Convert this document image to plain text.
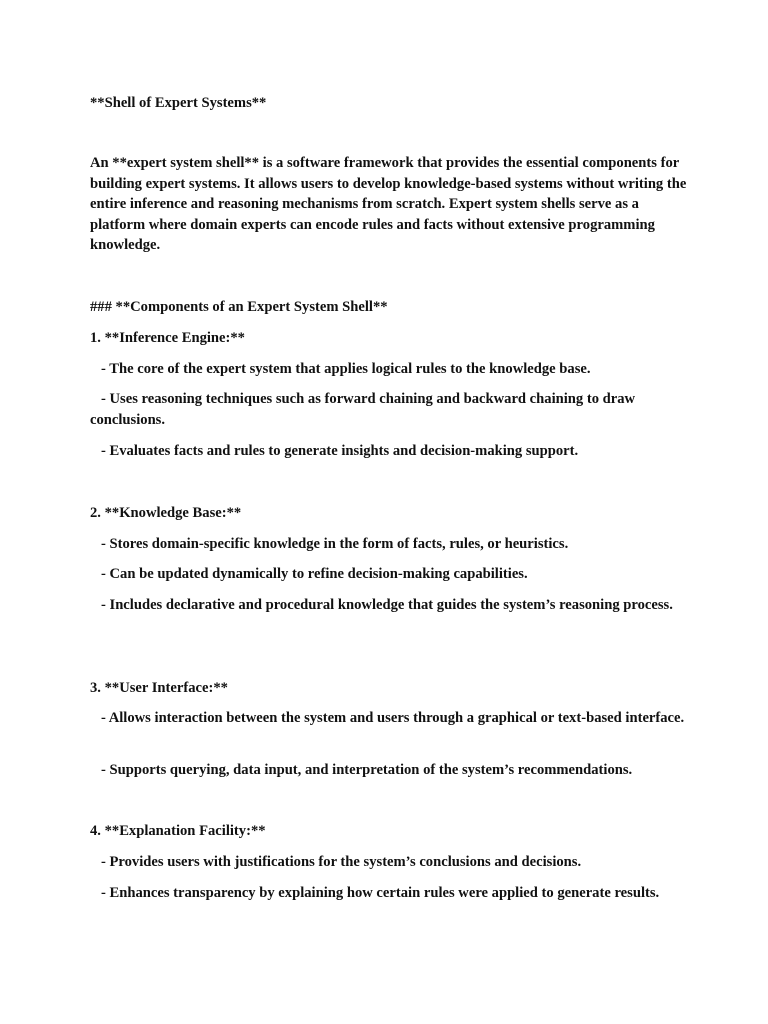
**Shell of Expert Systems**

An **expert system shell** is a software framework that provides the essential components for building expert systems. It allows users to develop knowledge-based systems without writing the entire inference and reasoning mechanisms from scratch. Expert system shells serve as a platform where domain experts can encode rules and facts without extensive programming knowledge.

### **Components of an Expert System Shell**

1. **Inference Engine:**

- The core of the expert system that applies logical rules to the knowledge base.

- Uses reasoning techniques such as forward chaining and backward chaining to draw conclusions.

- Evaluates facts and rules to generate insights and decision-making support.

2. **Knowledge Base:**

- Stores domain-specific knowledge in the form of facts, rules, or heuristics.

- Can be updated dynamically to refine decision-making capabilities.

- Includes declarative and procedural knowledge that guides the system’s reasoning process.

3. **User Interface:**

- Allows interaction between the system and users through a graphical or text-based interface.

- Supports querying, data input, and interpretation of the system’s recommendations.

4. **Explanation Facility:**

- Provides users with justifications for the system’s conclusions and decisions.

- Enhances transparency by explaining how certain rules were applied to generate results.
